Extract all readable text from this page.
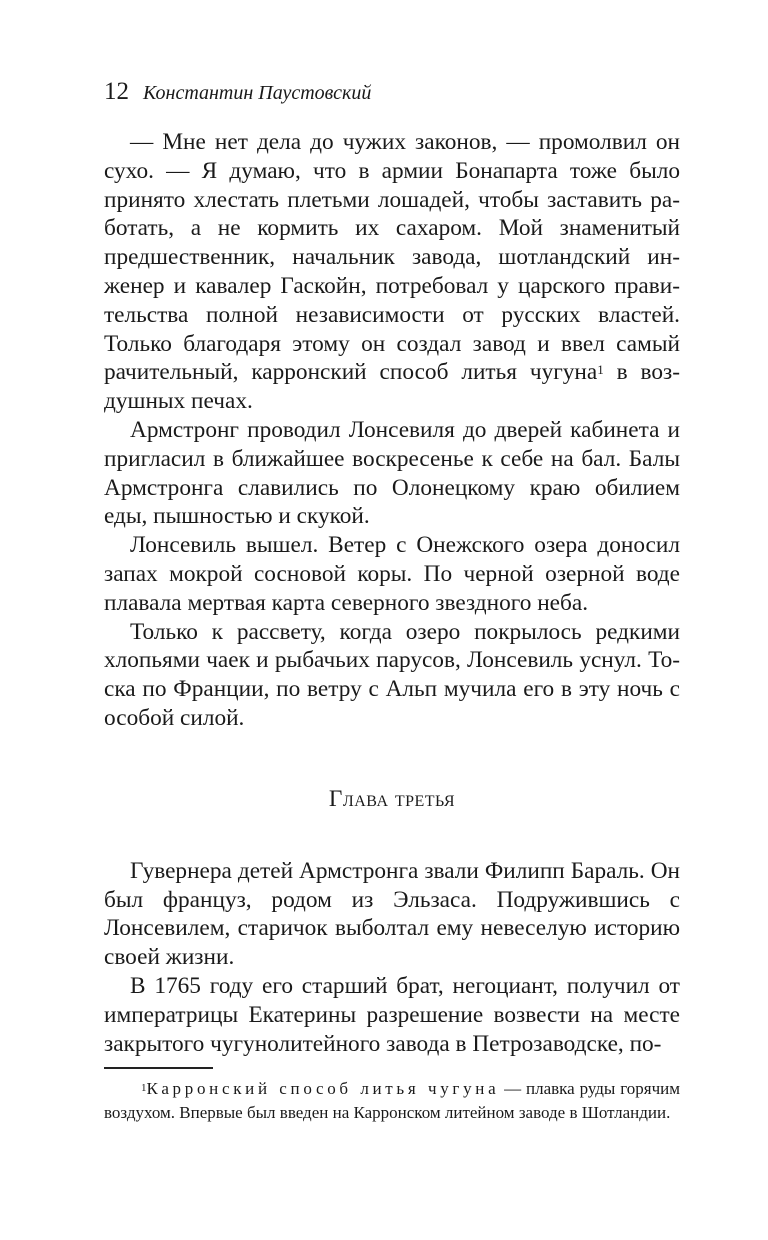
12 Константин Паустовский

— Мне нет дела до чужих законов, — промолвил он сухо. — Я думаю, что в армии Бонапарта тоже было принято хлестать плетьми лошадей, чтобы заставить работать, а не кормить их сахаром. Мой знаменитый предшественник, начальник завода, шотландский инженер и кавалер Гаскойн, потребовал у царского правительства полной независимости от русских властей. Только благодаря этому он создал завод и ввел самый рачительный, карронский способ литья чугуна$^1$ в воздушных печах.

Армстронг проводил Лонсевиля до дверей кабинета и пригласил в ближайшее воскресенье к себе на бал. Балы Армстронга славились по Олонецкому краю обилием еды, пышностью и скукой.

Лонсевиль вышел. Ветер с Онежского озера доносил запах мокрой сосновой коры. По черной озерной воде плавала мертвая карта северного звездного неба.

Только к рассвету, когда озеро покрылось редкими хлопьями чаек и рыбачьих парусов, Лонсевиль уснул. Тоска по Франции, по ветру с Альп мучила его в эту ночь с особой силой.

Глава третья

Гувернера детей Армстронга звали Филипп Бараль. Он был француз, родом из Эльзаса. Подружившись с Лонсевилем, старичок выболтал ему невеселую историю своей жизни.

В 1765 году его старший брат, негоциант, получил от императрицы Екатерины разрешение возвести на месте закрытого чугунолитейного завода в Петрозаводске, по-

$^1$Карронский способ литья чугуна — плавка руды горячим воздухом. Впервые был введен на Карронском литейном заводе в Шотландии.
